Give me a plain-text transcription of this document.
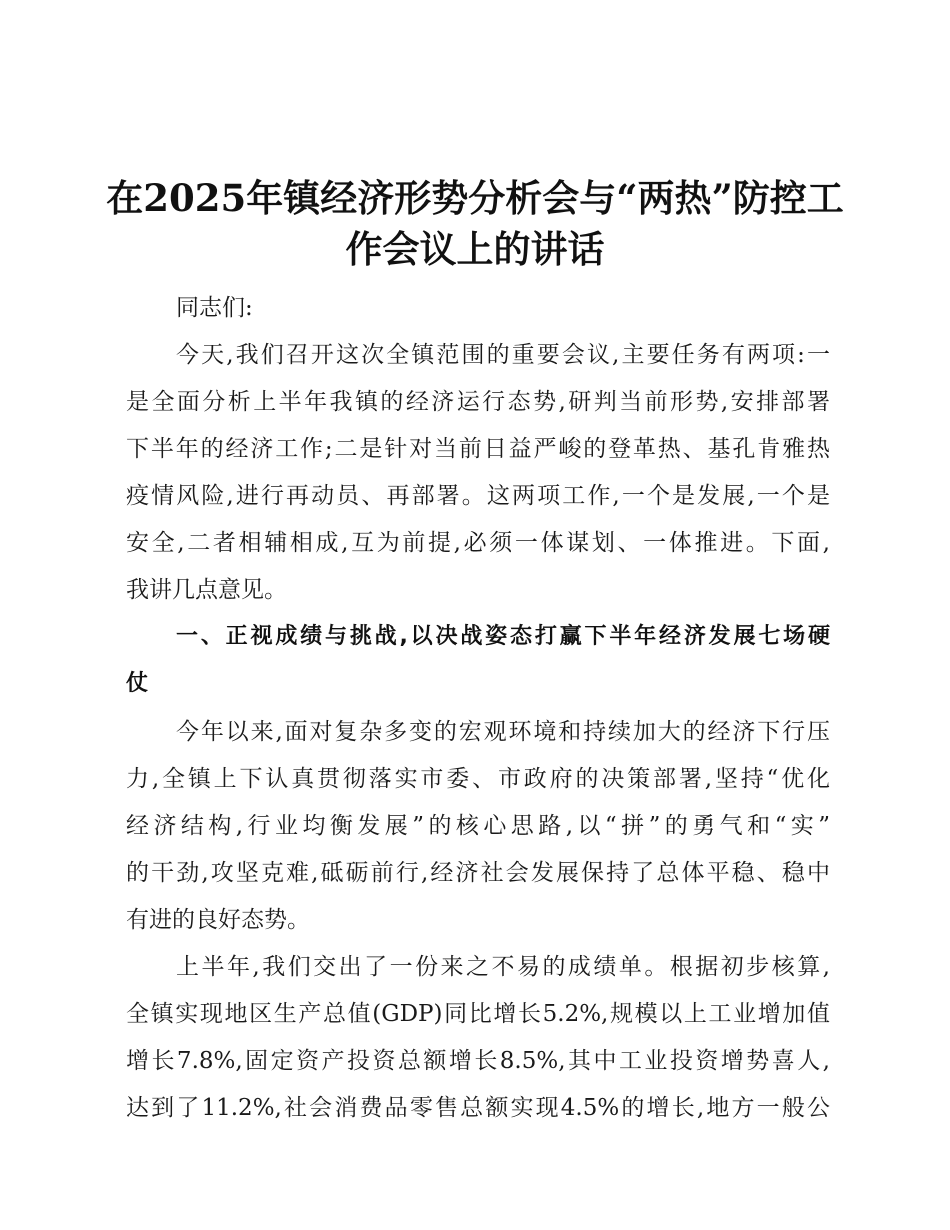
在2025年镇经济形势分析会与“两热”防控工
作会议上的讲话
同志们:
今天,我们召开这次全镇范围的重要会议,主要任务有两项:一
是全面分析上半年我镇的经济运行态势,研判当前形势,安排部署
下半年的经济工作;二是针对当前日益严峻的登革热、基孔肯雅热
疫情风险,进行再动员、再部署。这两项工作,一个是发展,一个是
安全,二者相辅相成,互为前提,必须一体谋划、一体推进。下面,
我讲几点意见。
一、正视成绩与挑战,以决战姿态打赢下半年经济发展七场硬
仗
今年以来,面对复杂多变的宏观环境和持续加大的经济下行压
力,全镇上下认真贯彻落实市委、市政府的决策部署,坚持“优化
经济结构,行业均衡发展”的核心思路,以“拼”的勇气和“实”
的干劲,攻坚克难,砥砺前行,经济社会发展保持了总体平稳、稳中
有进的良好态势。
上半年,我们交出了一份来之不易的成绩单。根据初步核算,
全镇实现地区生产总值(GDP)同比增长5.2%,规模以上工业增加值
增长7.8%,固定资产投资总额增长8.5%,其中工业投资增势喜人,
达到了11.2%,社会消费品零售总额实现4.5%的增长,地方一般公
